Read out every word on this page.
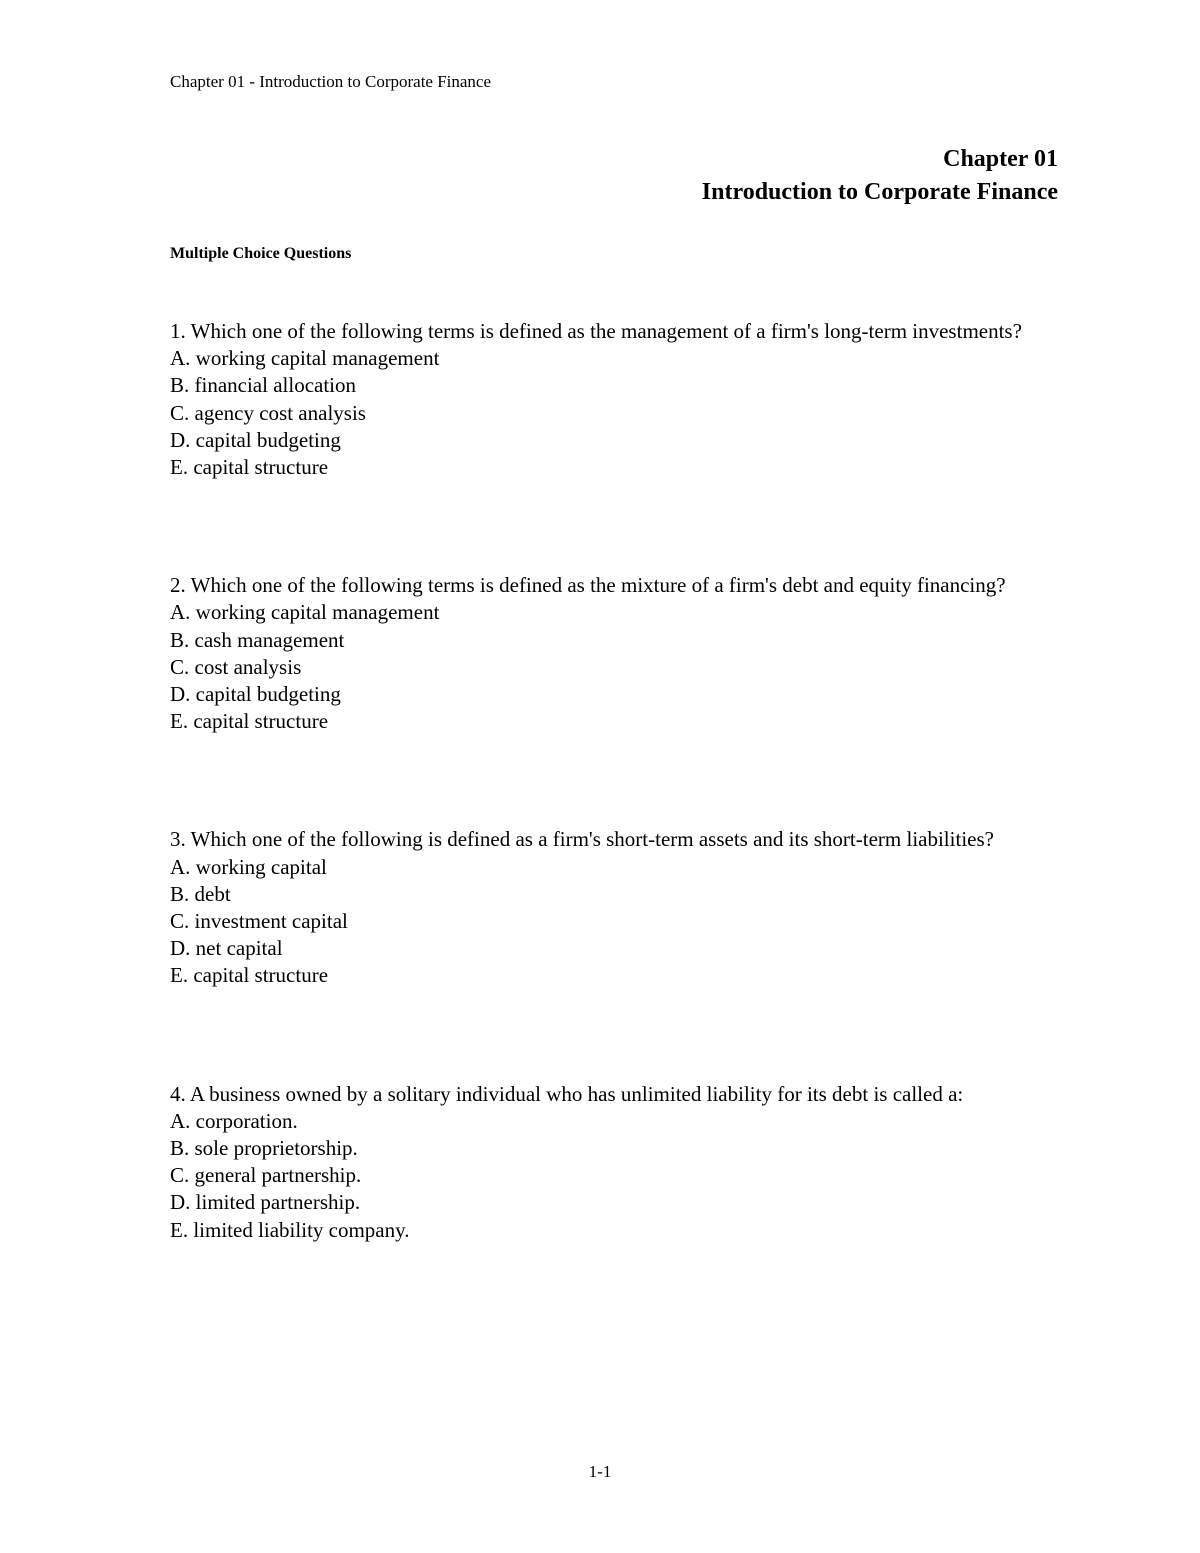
Chapter 01 - Introduction to Corporate Finance
Chapter 01
Introduction to Corporate Finance
Multiple Choice Questions
1. Which one of the following terms is defined as the management of a firm's long-term investments?
A. working capital management
B. financial allocation
C. agency cost analysis
D. capital budgeting
E. capital structure
2. Which one of the following terms is defined as the mixture of a firm's debt and equity financing?
A. working capital management
B. cash management
C. cost analysis
D. capital budgeting
E. capital structure
3. Which one of the following is defined as a firm's short-term assets and its short-term liabilities?
A. working capital
B. debt
C. investment capital
D. net capital
E. capital structure
4. A business owned by a solitary individual who has unlimited liability for its debt is called a:
A. corporation.
B. sole proprietorship.
C. general partnership.
D. limited partnership.
E. limited liability company.
1-1
